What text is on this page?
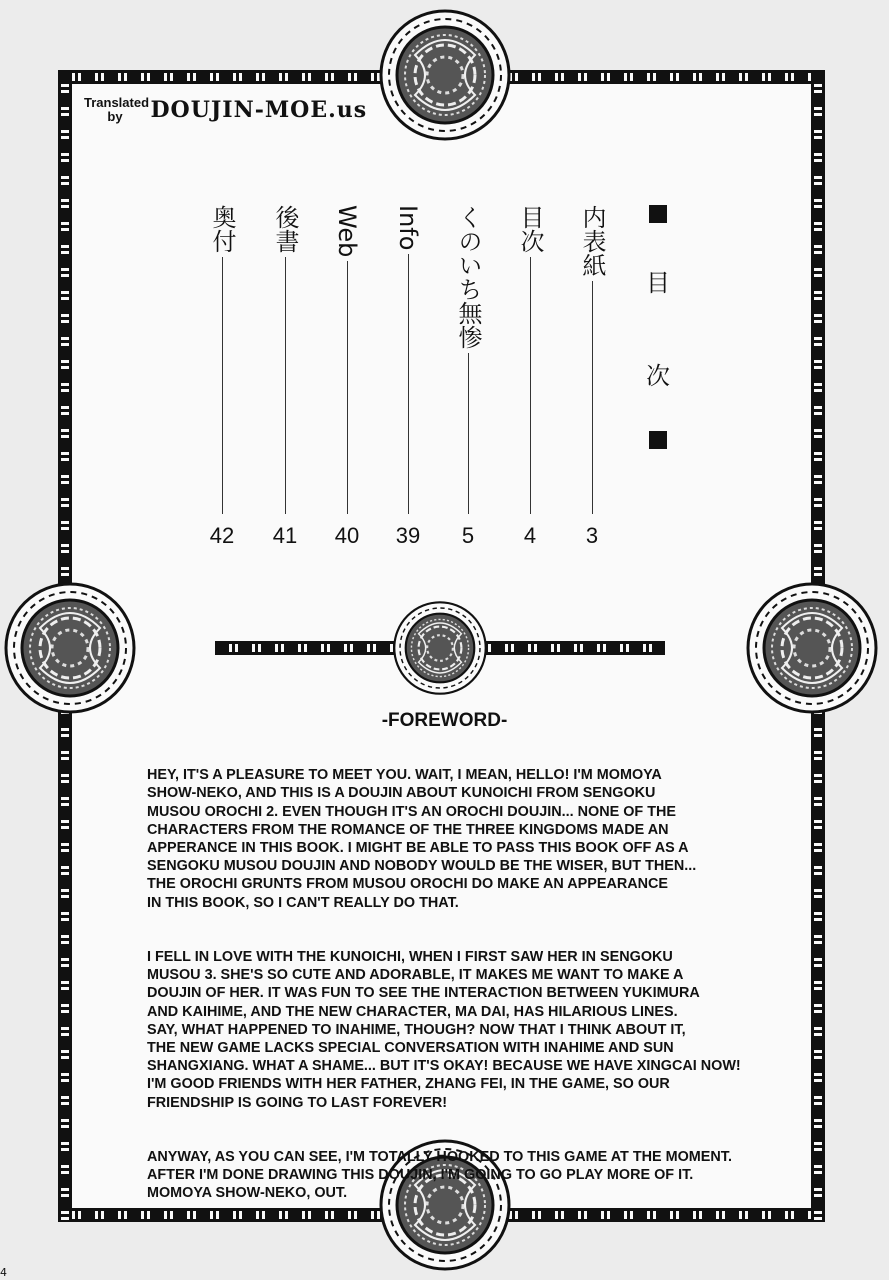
Translated by DOUJIN-MOE.us
目
次
内表紙
3
目次
4
くのいち無惨
5
Info
39
Web
40
後書
41
奥付
42
-FOREWORD-

HEY, IT'S A PLEASURE TO MEET YOU. WAIT, I MEAN, HELLO! I'M MOMOYA
SHOW-NEKO, AND THIS IS A DOUJIN ABOUT KUNOICHI FROM SENGOKU
MUSOU OROCHI 2. EVEN THOUGH IT'S AN OROCHI DOUJIN... NONE OF THE
CHARACTERS FROM THE ROMANCE OF THE THREE KINGDOMS MADE AN
APPERANCE IN THIS BOOK. I MIGHT BE ABLE TO PASS THIS BOOK OFF AS A
SENGOKU MUSOU DOUJIN AND NOBODY WOULD BE THE WISER, BUT THEN...
THE OROCHI GRUNTS FROM MUSOU OROCHI DO MAKE AN APPEARANCE
IN THIS BOOK, SO I CAN'T REALLY DO THAT.

I FELL IN LOVE WITH THE KUNOICHI, WHEN I FIRST SAW HER IN SENGOKU
MUSOU 3. SHE'S SO CUTE AND ADORABLE, IT MAKES ME WANT TO MAKE A
DOUJIN OF HER. IT WAS FUN TO SEE THE INTERACTION BETWEEN YUKIMURA
AND KAIHIME, AND THE NEW CHARACTER, MA DAI, HAS HILARIOUS LINES.
SAY, WHAT HAPPENED TO INAHIME, THOUGH? NOW THAT I THINK ABOUT IT,
THE NEW GAME LACKS SPECIAL CONVERSATION WITH INAHIME AND SUN
SHANGXIANG. WHAT A SHAME... BUT IT'S OKAY! BECAUSE WE HAVE XINGCAI NOW!
I'M GOOD FRIENDS WITH HER FATHER, ZHANG FEI, IN THE GAME, SO OUR
FRIENDSHIP IS GOING TO LAST FOREVER!

ANYWAY, AS YOU CAN SEE, I'M TOTALLY HOOKED TO THIS GAME AT THE MOMENT.
AFTER I'M DONE DRAWING THIS DOUJIN, I'M GOING TO GO PLAY MORE OF IT.
MOMOYA SHOW-NEKO, OUT.

4
